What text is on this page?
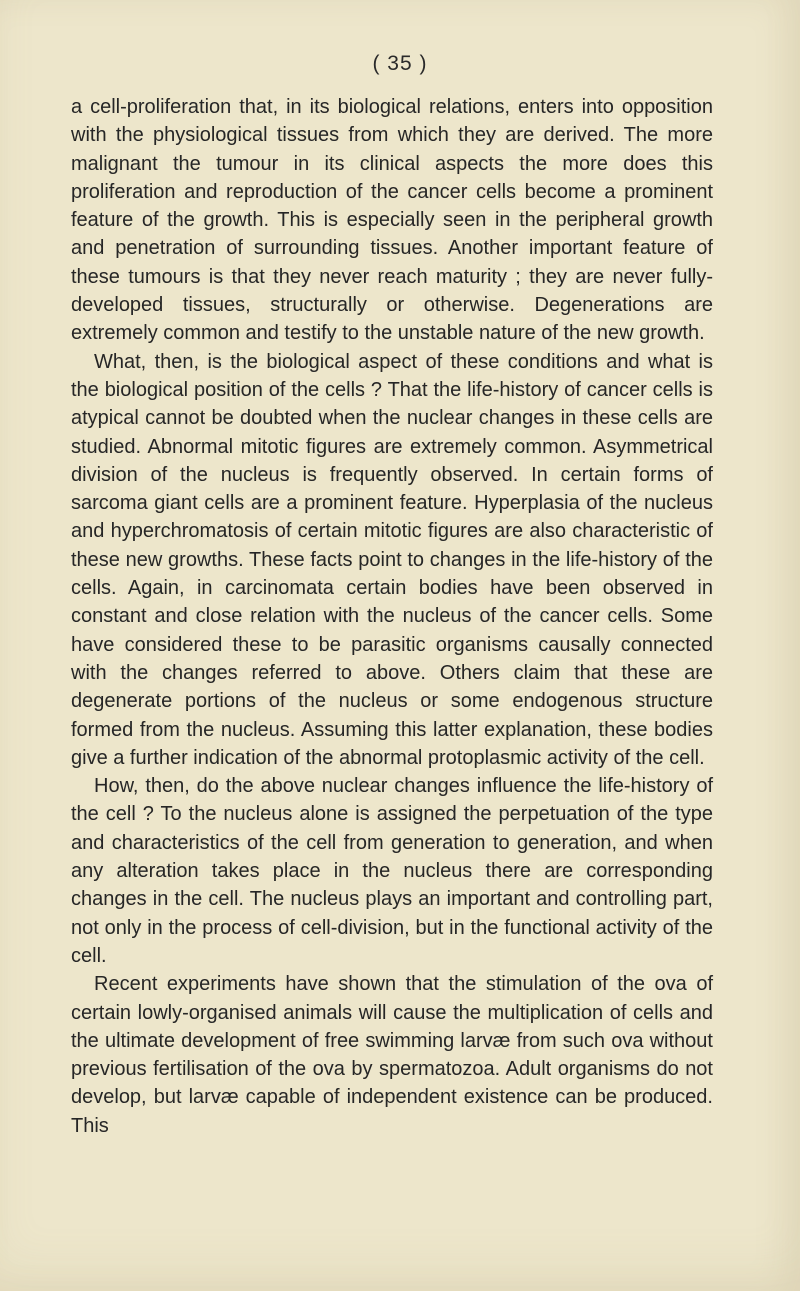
( 35 )

a cell-proliferation that, in its biological relations, enters into opposition with the physiological tissues from which they are derived. The more malignant the tumour in its clinical aspects the more does this proliferation and reproduction of the cancer cells become a prominent feature of the growth. This is especially seen in the peripheral growth and penetration of surrounding tissues. Another important feature of these tumours is that they never reach maturity ; they are never fully-developed tissues, structurally or otherwise. Degenerations are extremely common and testify to the unstable nature of the new growth.

What, then, is the biological aspect of these conditions and what is the biological position of the cells ? That the life-history of cancer cells is atypical cannot be doubted when the nuclear changes in these cells are studied. Abnormal mitotic figures are extremely common. Asymmetrical division of the nucleus is frequently observed. In certain forms of sarcoma giant cells are a prominent feature. Hyperplasia of the nucleus and hyperchromatosis of certain mitotic figures are also characteristic of these new growths. These facts point to changes in the life-history of the cells. Again, in carcinomata certain bodies have been observed in constant and close relation with the nucleus of the cancer cells. Some have considered these to be parasitic organisms causally connected with the changes referred to above. Others claim that these are degenerate portions of the nucleus or some endogenous structure formed from the nucleus. Assuming this latter explanation, these bodies give a further indication of the abnormal protoplasmic activity of the cell.

How, then, do the above nuclear changes influence the life-history of the cell ? To the nucleus alone is assigned the perpetuation of the type and characteristics of the cell from generation to generation, and when any alteration takes place in the nucleus there are corresponding changes in the cell. The nucleus plays an important and controlling part, not only in the process of cell-division, but in the functional activity of the cell.

Recent experiments have shown that the stimulation of the ova of certain lowly-organised animals will cause the multiplication of cells and the ultimate development of free swimming larvæ from such ova without previous fertilisation of the ova by spermatozoa. Adult organisms do not develop, but larvæ capable of independent existence can be produced. This
